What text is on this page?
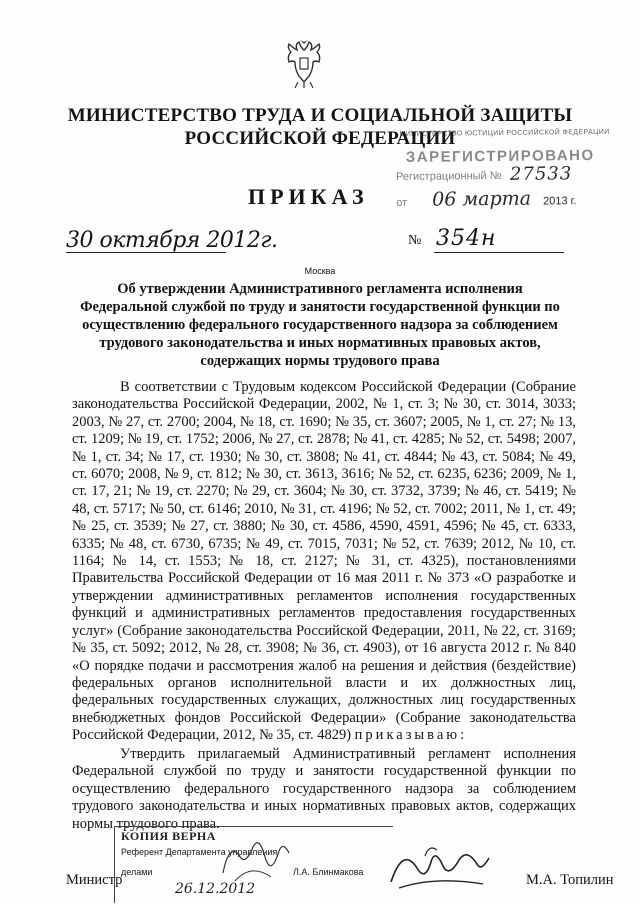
МИНИСТЕРСТВО ТРУДА И СОЦИАЛЬНОЙ ЗАЩИТЫ
РОССИЙСКОЙ ФЕДЕРАЦИИ
МИНИСТЕРСТВО ЮСТИЦИИ РОССИЙСКОЙ ФЕДЕРАЦИИ
ЗАРЕГИСТРИРОВАНО
Регистрационный № 27533
от 06 марта 2013 г.
ПРИКАЗ
30 октября 2012г.	№ 354н
Москва
Об утверждении Административного регламента исполнения Федеральной службой по труду и занятости государственной функции по осуществлению федерального государственного надзора за соблюдением трудового законодательства и иных нормативных правовых актов, содержащих нормы трудового права
В соответствии с Трудовым кодексом Российской Федерации (Собрание законодательства Российской Федерации, 2002, № 1, ст. 3; № 30, ст. 3014, 3033; 2003, № 27, ст. 2700; 2004, № 18, ст. 1690; № 35, ст. 3607; 2005, № 1, ст. 27; № 13, ст. 1209; № 19, ст. 1752; 2006, № 27, ст. 2878; № 41, ст. 4285; № 52, ст. 5498; 2007, № 1, ст. 34; № 17, ст. 1930; № 30, ст. 3808; № 41, ст. 4844; № 43, ст. 5084; № 49, ст. 6070; 2008, № 9, ст. 812; № 30, ст. 3613, 3616; № 52, ст. 6235, 6236; 2009, № 1, ст. 17, 21; № 19, ст. 2270; № 29, ст. 3604; № 30, ст. 3732, 3739; № 46, ст. 5419; № 48, ст. 5717; № 50, ст. 6146; 2010, № 31, ст. 4196; № 52, ст. 7002; 2011, № 1, ст. 49; № 25, ст. 3539; № 27, ст. 3880; № 30, ст. 4586, 4590, 4591, 4596; № 45, ст. 6333, 6335; № 48, ст. 6730, 6735; № 49, ст. 7015, 7031; № 52, ст. 7639; 2012, № 10, ст. 1164; № 14, ст. 1553; № 18, ст. 2127; № 31, ст. 4325), постановлениями Правительства Российской Федерации от 16 мая 2011 г. № 373 «О разработке и утверждении административных регламентов исполнения государственных функций и административных регламентов предоставления государственных услуг» (Собрание законодательства Российской Федерации, 2011, № 22, ст. 3169; № 35, ст. 5092; 2012, № 28, ст. 3908; № 36, ст. 4903), от 16 августа 2012 г. № 840 «О порядке подачи и рассмотрения жалоб на решения и действия (бездействие) федеральных органов исполнительной власти и их должностных лиц, федеральных государственных служащих, должностных лиц государственных внебюджетных фондов Российской Федерации» (Собрание законодательства Российской Федерации, 2012, № 35, ст. 4829) приказываю:
Утвердить прилагаемый Административный регламент исполнения Федеральной службой по труду и занятости государственной функции по осуществлению федерального государственного надзора за соблюдением трудового законодательства и иных нормативных правовых актов, содержащих нормы трудового права.
КОПИЯ ВЕРНА
Референт Департамента управления
делами	Л.А. Блинмакова
26.12.2012
Министр	М.А. Топилин
